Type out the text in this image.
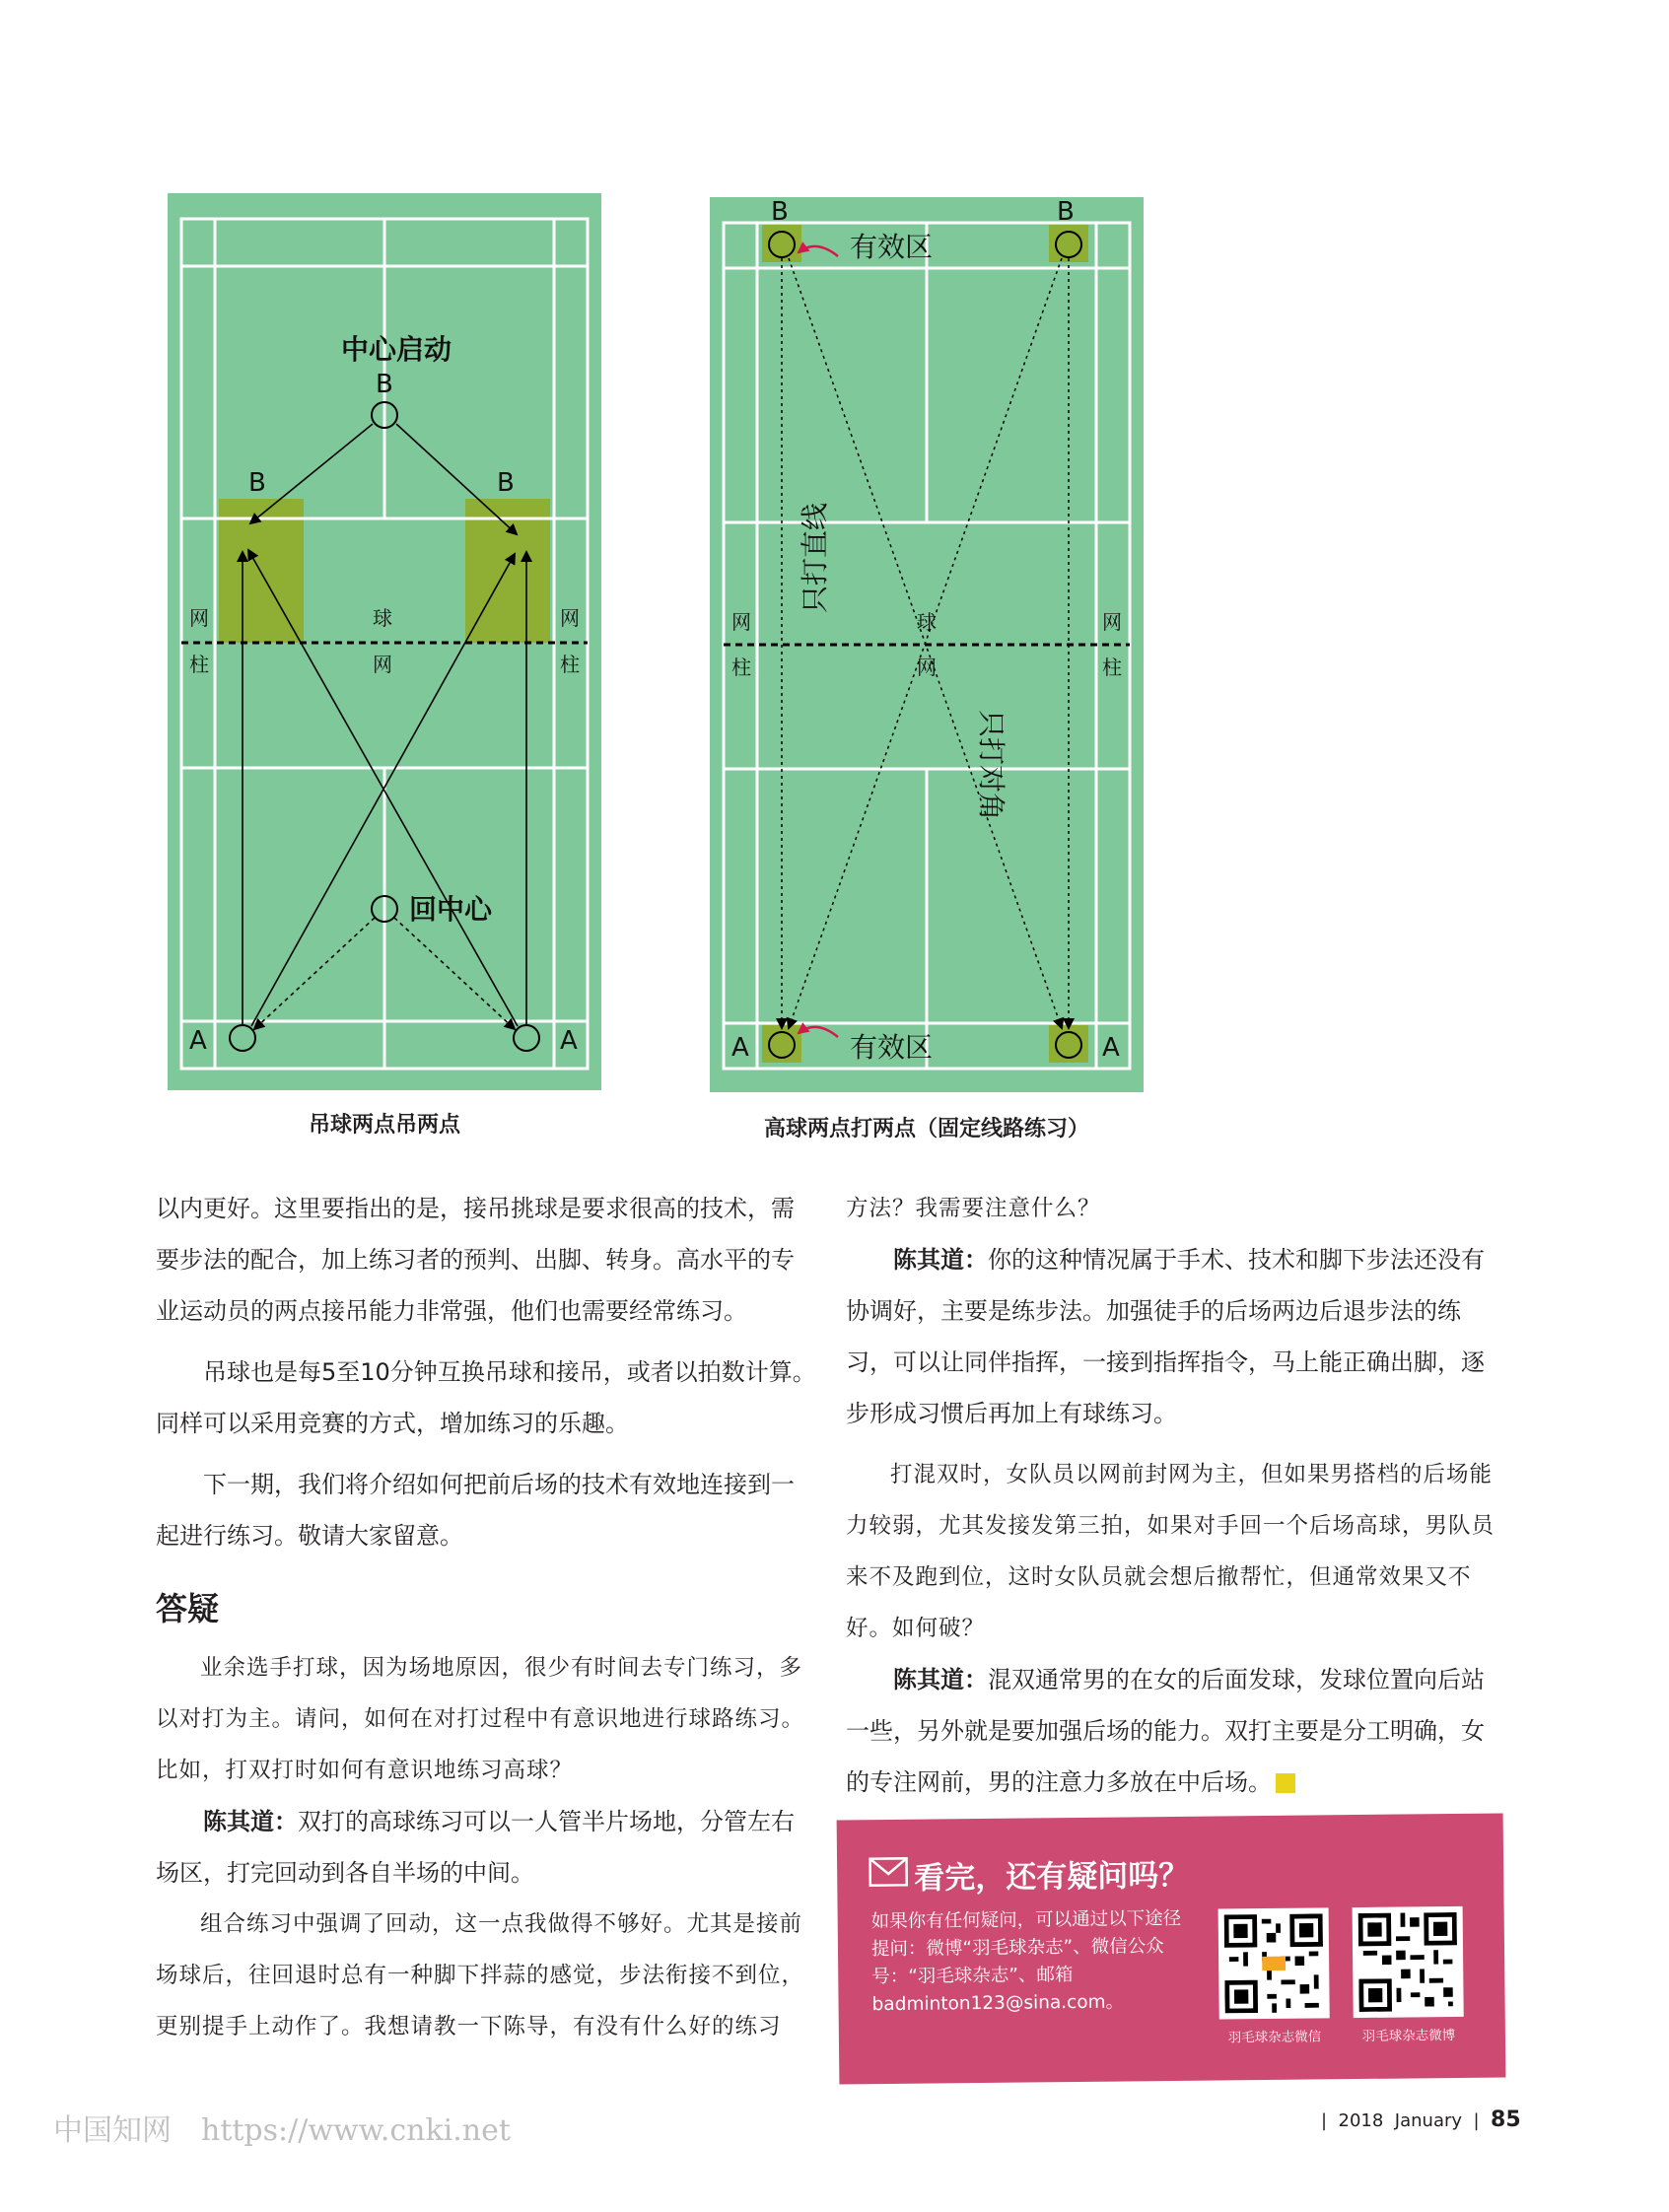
中心启动
B
B	B
网
柱
球
网
网
柱
回中心
A	A
吊球两点吊两点
B	B
有效区
有效区
只打直线
只打对角
网
柱
球
网
网
柱
A	A
高球两点打两点（固定线路练习）

以内更好。这里要指出的是，接吊挑球是要求很高的技术，需要步法的配合，加上练习者的预判、出脚、转身。高水平的专业运动员的两点接吊能力非常强，他们也需要经常练习。

吊球也是每5至10分钟互换吊球和接吊，或者以拍数计算。同样可以采用竞赛的方式，增加练习的乐趣。

下一期，我们将介绍如何把前后场的技术有效地连接到一起进行练习。敬请大家留意。

答疑

业余选手打球，因为场地原因，很少有时间去专门练习，多以对打为主。请问，如何在对打过程中有意识地进行球路练习。比如，打双打时如何有意识地练习高球？

陈其道：双打的高球练习可以一人管半片场地，分管左右场区，打完回动到各自半场的中间。

组合练习中强调了回动，这一点我做得不够好。尤其是接前场球后，往回退时总有一种脚下拌蒜的感觉，步法衔接不到位，更别提手上动作了。我想请教一下陈导，有没有什么好的练习

方法？我需要注意什么？

陈其道：你的这种情况属于手术、技术和脚下步法还没有协调好，主要是练步法。加强徒手的后场两边后退步法的练习，可以让同伴指挥，一接到指挥指令，马上能正确出脚，逐步形成习惯后再加上有球练习。

打混双时，女队员以网前封网为主，但如果男搭档的后场能力较弱，尤其发接发第三拍，如果对手回一个后场高球，男队员来不及跑到位，这时女队员就会想后撤帮忙，但通常效果又不好。如何破？

陈其道：混双通常男的在女的后面发球，发球位置向后站一些，另外就是要加强后场的能力。双打主要是分工明确，女的专注网前，男的注意力多放在中后场。

看完，还有疑问吗？
如果你有任何疑问，可以通过以下途径提问：微博“羽毛球杂志”、微信公众号：“羽毛球杂志”、邮箱badminton123@sina.com。
羽毛球杂志微信	羽毛球杂志微博
| 2018 January | 85
中国知网　https://www.cnki.net
